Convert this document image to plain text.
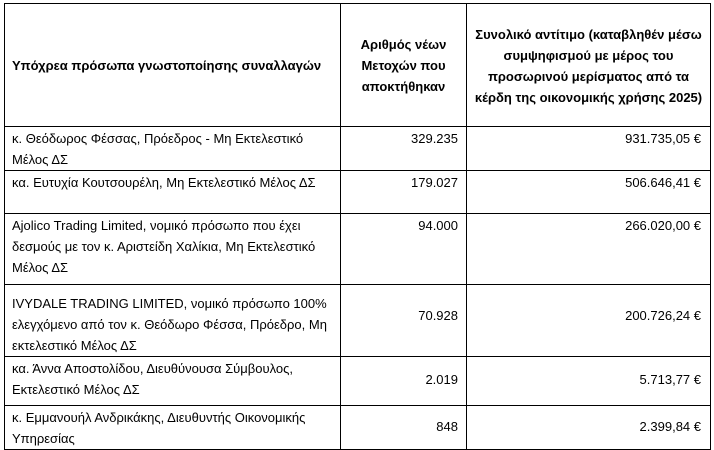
Υπόχρεα πρόσωπα γνωστοποίησης συναλλαγών	Αριθμός νέων Μετοχών που αποκτήθηκαν	Συνολικό αντίτιμο (καταβληθέν μέσω συμψηφισμού με μέρος του προσωρινού μερίσματος από τα κέρδη της οικονομικής χρήσης 2025)
κ. Θεόδωρος Φέσσας, Πρόεδρος - Μη Εκτελεστικό Μέλος ΔΣ	329.235	931.735,05 €
κα. Ευτυχία Κουτσουρέλη, Μη Εκτελεστικό Μέλος ΔΣ	179.027	506.646,41 €
Ajolico Trading Limited, νομικό πρόσωπο που έχει δεσμούς με τον κ. Αριστείδη Χαλίκια, Μη Εκτελεστικό Μέλος ΔΣ	94.000	266.020,00 €
IVYDALE TRADING LIMITED, νομικό πρόσωπο 100% ελεγχόμενο από τον κ. Θεόδωρο Φέσσα, Πρόεδρο, Μη εκτελεστικό Μέλος ΔΣ	70.928	200.726,24 €
κα. Άννα Αποστολίδου, Διευθύνουσα Σύμβουλος, Εκτελεστικό Μέλος ΔΣ	2.019	5.713,77 €
κ. Εμμανουήλ Ανδρικάκης, Διευθυντής Οικονομικής Υπηρεσίας	848	2.399,84 €
